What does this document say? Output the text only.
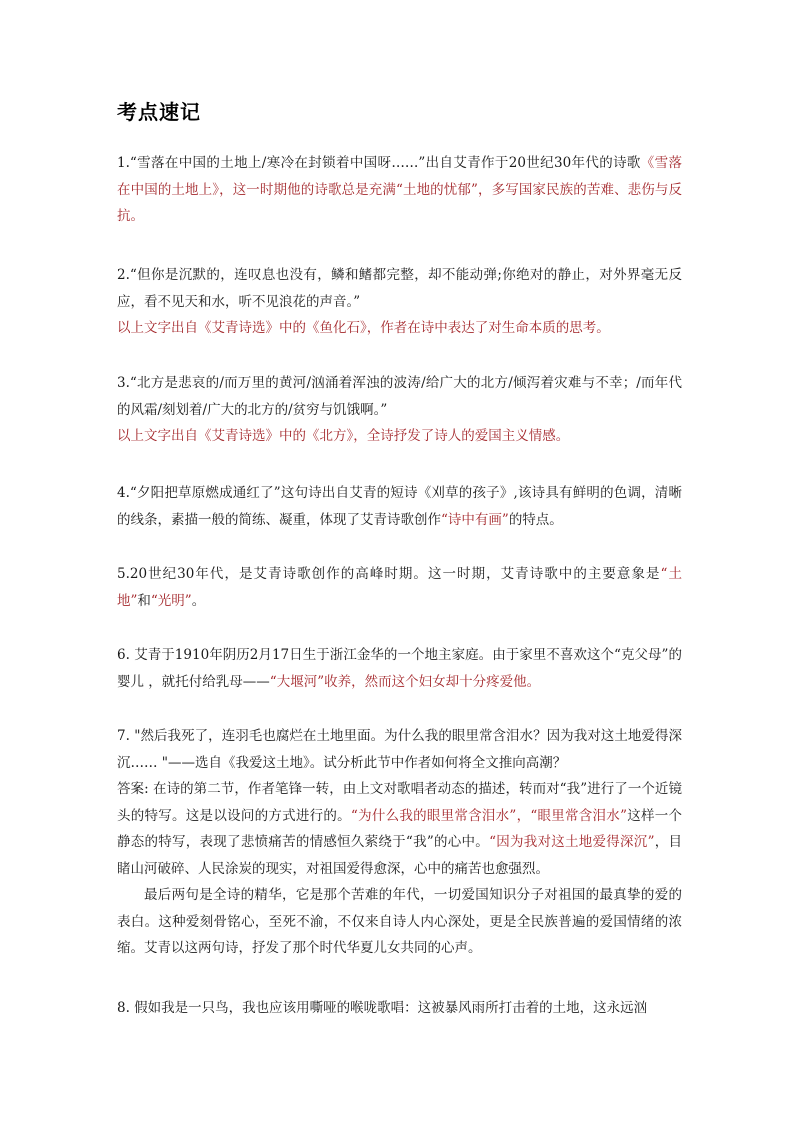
考点速记

1.“雪落在中国的土地上/寒冷在封锁着中国呀……”出自艾青作于20世纪30年代的诗歌《雪落在中国的土地上》，这一时期他的诗歌总是充满“土地的忧郁”，多写国家民族的苦难、悲伤与反抗。

2.“但你是沉默的，连叹息也没有，鳞和鳍都完整，却不能动弹;你绝对的静止，对外界毫无反应，看不见天和水，听不见浪花的声音。”
以上文字出自《艾青诗选》中的《鱼化石》，作者在诗中表达了对生命本质的思考。

3.“北方是悲哀的/而万里的黄河/汹涌着浑浊的波涛/给广大的北方/倾泻着灾难与不幸；/而年代的风霜/刻划着/广大的北方的/贫穷与饥饿啊。”
以上文字出自《艾青诗选》中的《北方》，全诗抒发了诗人的爱国主义情感。

4.“夕阳把草原燃成通红了”这句诗出自艾青的短诗《刈草的孩子》,该诗具有鲜明的色调，清晰的线条，素描一般的简练、凝重，体现了艾青诗歌创作“诗中有画”的特点。

5.20世纪30年代，是艾青诗歌创作的高峰时期。这一时期，艾青诗歌中的主要意象是“土地”和“光明”。

6. 艾青于1910年阴历2月17日生于浙江金华的一个地主家庭。由于家里不喜欢这个“克父母”的婴儿 ，就托付给乳母——“大堰河”收养，然而这个妇女却十分疼爱他。

7. "然后我死了，连羽毛也腐烂在土地里面。为什么我的眼里常含泪水？因为我对这土地爱得深沉…… "——选自《我爱这土地》。试分析此节中作者如何将全文推向高潮？
答案: 在诗的第二节，作者笔锋一转，由上文对歌唱者动态的描述，转而对“我”进行了一个近镜头的特写。这是以设问的方式进行的。“为什么我的眼里常含泪水”，“眼里常含泪水”这样一个静态的特写，表现了悲愤痛苦的情感恒久萦绕于“我”的心中。“因为我对这土地爱得深沉”，目睹山河破碎、人民涂炭的现实，对祖国爱得愈深，心中的痛苦也愈强烈。
最后两句是全诗的精华，它是那个苦难的年代，一切爱国知识分子对祖国的最真挚的爱的表白。这种爱刻骨铭心，至死不渝，不仅来自诗人内心深处，更是全民族普遍的爱国情绪的浓缩。艾青以这两句诗，抒发了那个时代华夏儿女共同的心声。

8. 假如我是一只鸟，我也应该用嘶哑的喉咙歌唱：这被暴风雨所打击着的土地，这永远汹
